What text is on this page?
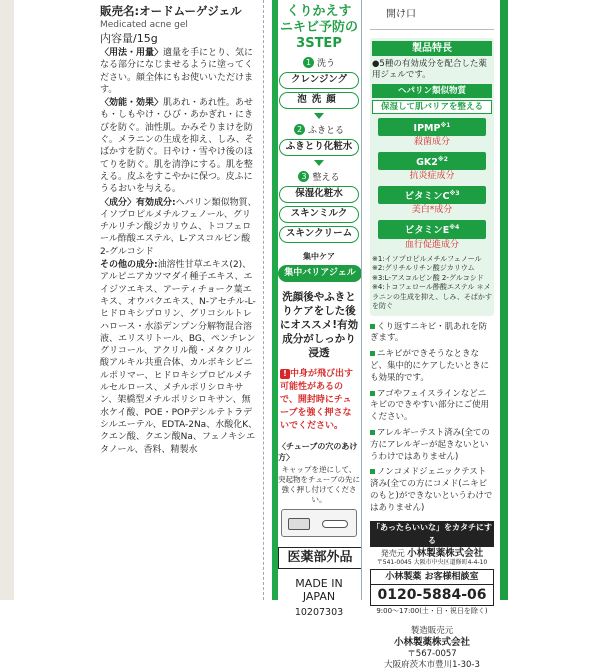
販売名:オードムーゲジェル
Medicated acne gel
内容量/15g

〈用法・用量〉適量を手にとり、気になる部分になじませるように塗ってください。顔全体にもお使いいただけます。

〈効能・効果〉肌あれ・あれ性。あせも・しもやけ・ひび・あかぎれ・にきびを防ぐ。油性肌。かみそりまけを防ぐ。メラニンの生成を抑え、しみ、そばかすを防ぐ。日やけ・雪やけ後のほてりを防ぐ。肌を清浄にする。肌を整える。皮ふをすこやかに保つ。皮ふにうるおいを与える。

〈成分〉有効成分:ヘパリン類似物質、イソプロピルメチルフェノール、グリチルリチン酸ジカリウム、トコフェロール酢酸エステル、L-アスコルビン酸 2-グルコシド

その他の成分:油溶性甘草エキス(2)、アルピニアカツマダイ種子エキス、エイジツエキス、アーティチョーク葉エキス、オウバクエキス、N-アセチル-L-ヒドロキシプロリン、グリコシルトレハロース・水添デンプン分解物混合溶液、エリスリトール、BG、ペンチレングリコール、アクリル酸・メタクリル酸アルキル共重合体、カルボキシビニルポリマー、ヒドロキシプロピルメチルセルロース、メチルポリシロキサン、架橋型メチルポリシロキサン、無水ケイ酸、POE・POPデシルテトラデシルエーテル、EDTA-2Na、水酸化K、クエン酸、クエン酸Na、フェノキシエタノール、香料、精製水

くりかえす
ニキビ予防の
3STEP
1 洗う
クレンジング
泡洗顔
2 ふきとる
ふきとり化粧水
3 整える
保湿化粧水
スキンミルク
スキンクリーム
集中ケア
集中バリアジェル
洗顔後やふきとりケアをした後にオススメ!有効成分がしっかり浸透
! 中身が飛び出す可能性があるので、開封時にチューブを強く押さないでください。
〈チューブの穴のあけ方〉
キャップを逆にして、突起物をチューブの先に強く押し付けてください。
医薬部外品
MADE IN
JAPAN
10207303
開け口
製品特長
●5種の有効成分を配合した薬用ジェルです。
ヘパリン類似物質
保湿して肌バリアを整える
IPMP$^{※1}$
殺菌成分
GK2$^{※2}$
抗炎症成分
ビタミン$C^{※3}$
美白*成分
ビタミン$E^{※4}$
血行促進成分
※1:イソプロピルメチルフェノール ※2:グリチルリチン酸ジカリウム ※3:L-アスコルビン酸 2-グルコシド ※4:トコフェロール酢酸エステル ＊メラニンの生成を抑え、しみ、そばかすを防ぐ
くり返すニキビ・肌あれを防ぎます。
ニキビができそうなときなど、集中的にケアしたいときにも効果的です。
アゴやフェイスラインなどニキビのできやすい部分にご使用ください。
アレルギーテスト済み(全ての方にアレルギーが起きないというわけではありません)
ノンコメドジェニックテスト済み(全ての方にコメド(ニキビのもと)ができないというわけではありません)
「あったらいいな」をカタチにする
発売元 小林製薬株式会社
〒541-0045 大阪市中央区道修町4-4-10
小林製薬 お客様相談室
0120-5884-06
9:00〜17:00(土・日・祝日を除く)
製造販売元
小林製薬株式会社
〒567-0057
大阪府茨木市豊川1-30-3
